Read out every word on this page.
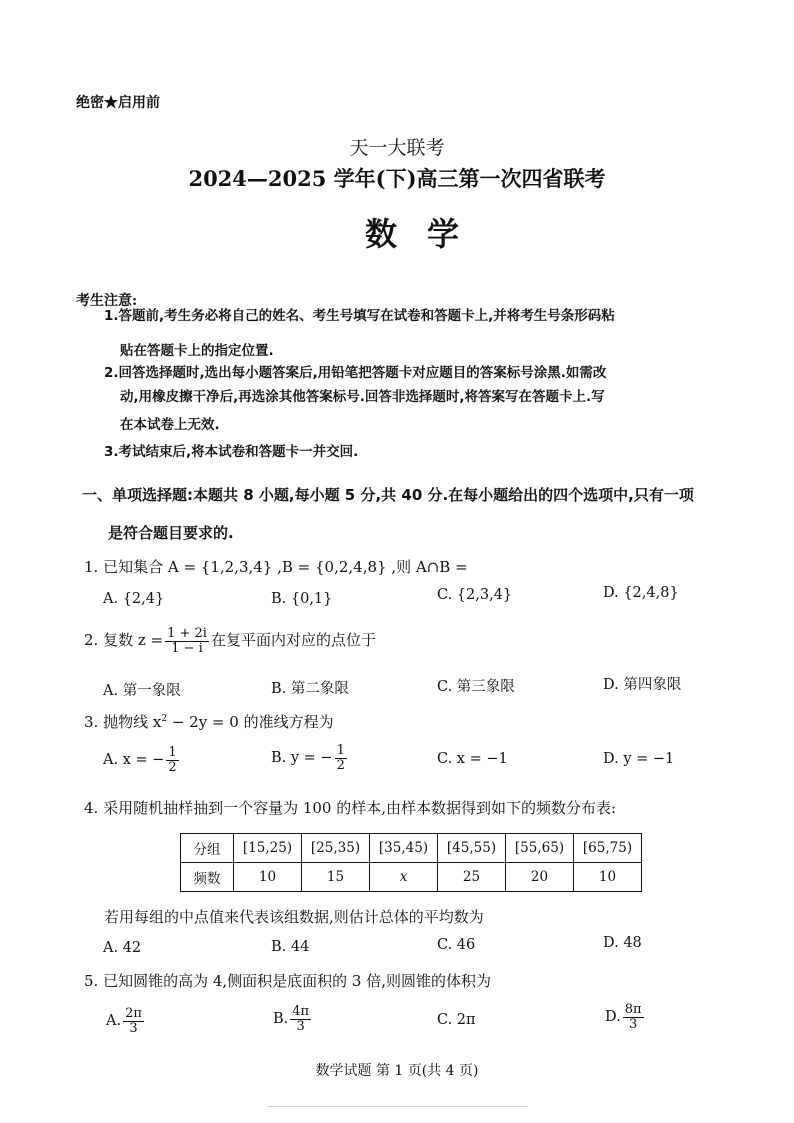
绝密★启用前
天一大联考
2024—2025 学年(下)高三第一次四省联考
数学
考生注意:
1.答题前,考生务必将自己的姓名、考生号填写在试卷和答题卡上,并将考生号条形码粘
贴在答题卡上的指定位置.
2.回答选择题时,选出每小题答案后,用铅笔把答题卡对应题目的答案标号涂黑.如需改
动,用橡皮擦干净后,再选涂其他答案标号.回答非选择题时,将答案写在答题卡上.写
在本试卷上无效.
3.考试结束后,将本试卷和答题卡一并交回.
一、单项选择题:本题共 8 小题,每小题 5 分,共 40 分.在每小题给出的四个选项中,只有一项
是符合题目要求的.
1. 已知集合 A = {1,2,3,4} ,B = {0,2,4,8} ,则 A∩B =
A. {2,4}	B. {0,1}	C. {2,3,4}	D. {2,4,8}
2. 复数 $z = \frac{1 + 2i}{1 - i}$ 在复平面内对应的点位于
A. 第一象限	B. 第二象限	C. 第三象限	D. 第四象限
3. 抛物线 $x^2 - 2y = 0$ 的准线方程为
A. x = − $\frac{1}{2}$	B. y = − $\frac{1}{2}$	C. x = −1	D. y = −1
4. 采用随机抽样抽到一个容量为 100 的样本,由样本数据得到如下的频数分布表:
分组	[15,25)	[25,35)	[35,45)	[45,55)	[55,65)	[65,75)
频数	10	15	x	25	20	10
若用每组的中点值来代表该组数据,则估计总体的平均数为
A. 42	B. 44	C. 46	D. 48
5. 已知圆锥的高为 4,侧面积是底面积的 3 倍,则圆锥的体积为
A. $\frac{2\pi}{3}$	B. $\frac{4\pi}{3}$	C. 2π	D. $\frac{8\pi}{3}$
数学试题 第 1 页(共 4 页)
